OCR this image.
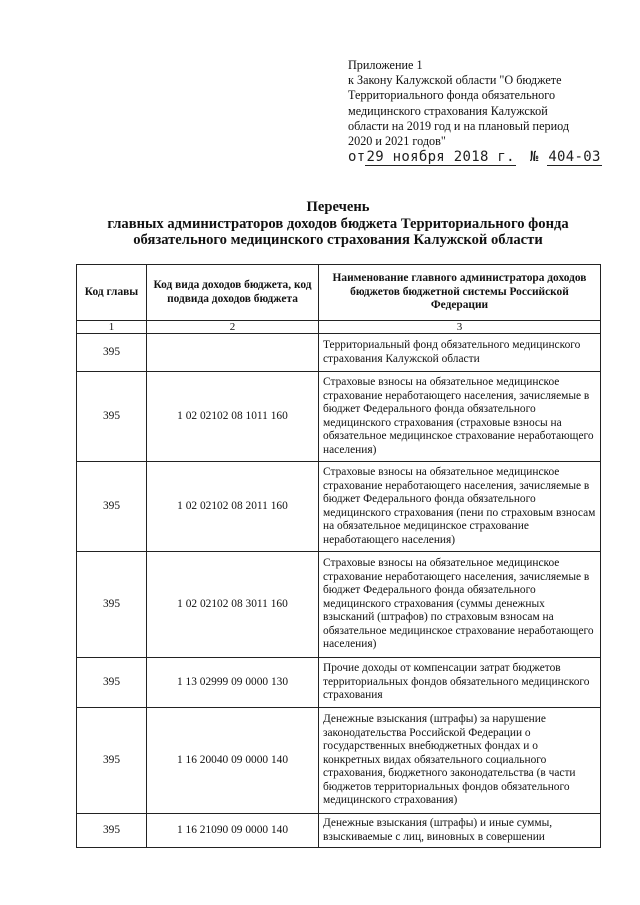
Приложение 1
к Закону Калужской области "О бюджете
Территориального фонда обязательного
медицинского страхования Калужской
области на 2019 год и на плановый период
2020 и 2021 годов"
от29 ноября 2018 г. № 404-03
Перечень
главных администраторов доходов бюджета Территориального фонда
обязательного медицинского страхования Калужской области
Код главы	Код вида доходов бюджета, код подвида доходов бюджета	Наименование главного администратора доходов бюджетов бюджетной системы Российской Федерации
1	2	3
395		Территориальный фонд обязательного медицинского страхования Калужской области
395	1 02 02102 08 1011 160	Страховые взносы на обязательное медицинское страхование неработающего населения, зачисляемые в бюджет Федерального фонда обязательного медицинского страхования (страховые взносы на обязательное медицинское страхование неработающего населения)
395	1 02 02102 08 2011 160	Страховые взносы на обязательное медицинское страхование неработающего населения, зачисляемые в бюджет Федерального фонда обязательного медицинского страхования (пени по страховым взносам на обязательное медицинское страхование неработающего населения)
395	1 02 02102 08 3011 160	Страховые взносы на обязательное медицинское страхование неработающего населения, зачисляемые в бюджет Федерального фонда обязательного медицинского страхования (суммы денежных взысканий (штрафов) по страховым взносам на обязательное медицинское страхование неработающего населения)
395	1 13 02999 09 0000 130	Прочие доходы от компенсации затрат бюджетов территориальных фондов обязательного медицинского страхования
395	1 16 20040 09 0000 140	Денежные взыскания (штрафы) за нарушение законодательства Российской Федерации о государственных внебюджетных фондах и о конкретных видах обязательного социального страхования, бюджетного законодательства (в части бюджетов территориальных фондов обязательного медицинского страхования)
395	1 16 21090 09 0000 140	Денежные взыскания (штрафы) и иные суммы, взыскиваемые с лиц, виновных в совершении
